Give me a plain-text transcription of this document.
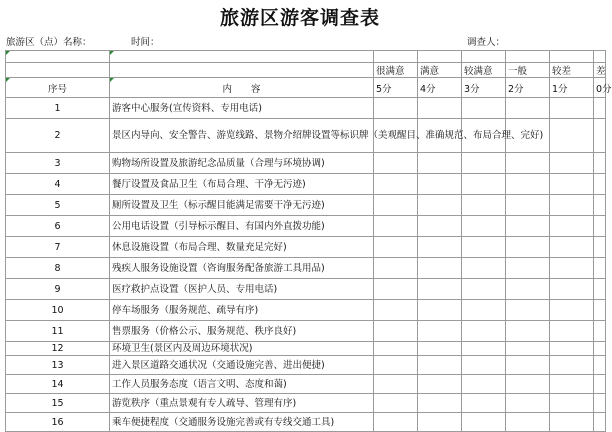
旅游区游客调查表
旅游区（点）名称：	时间：	调查人：

		很满意	满意	较满意	一般	较差	差
序号	内　　容	5分	4分	3分	2分	1分	0分
1	游客中心服务(宣传资料、专用电话)						
2	景区内导向、安全警告、游览线路、景物介绍牌设置等标识牌（美观醒目、准确规范、布局合理、完好)						
3	购物场所设置及旅游纪念品质量（合理与环境协调)						
4	餐厅设置及食品卫生（布局合理、干净无污迹)						
5	厕所设置及卫生（标示醒目能满足需要干净无污迹)						
6	公用电话设置（引导标示醒目、有国内外直拨功能)						
7	休息设施设置（布局合理、数量充足完好)						
8	残疾人服务设施设置（咨询服务配备旅游工具用品)						
9	医疗救护点设置（医护人员、专用电话)						
10	停车场服务（服务规范、疏导有序)						
11	售票服务（价格公示、服务规范、秩序良好)						
12	环境卫生(景区内及周边环境状况)						
13	进入景区道路交通状况（交通设施完善、进出便捷)						
14	工作人员服务态度（语言文明、态度和蔼)						
15	游览秩序（重点景观有专人疏导、管理有序)						
16	乘车便捷程度（交通服务设施完善或有专线交通工具)						
